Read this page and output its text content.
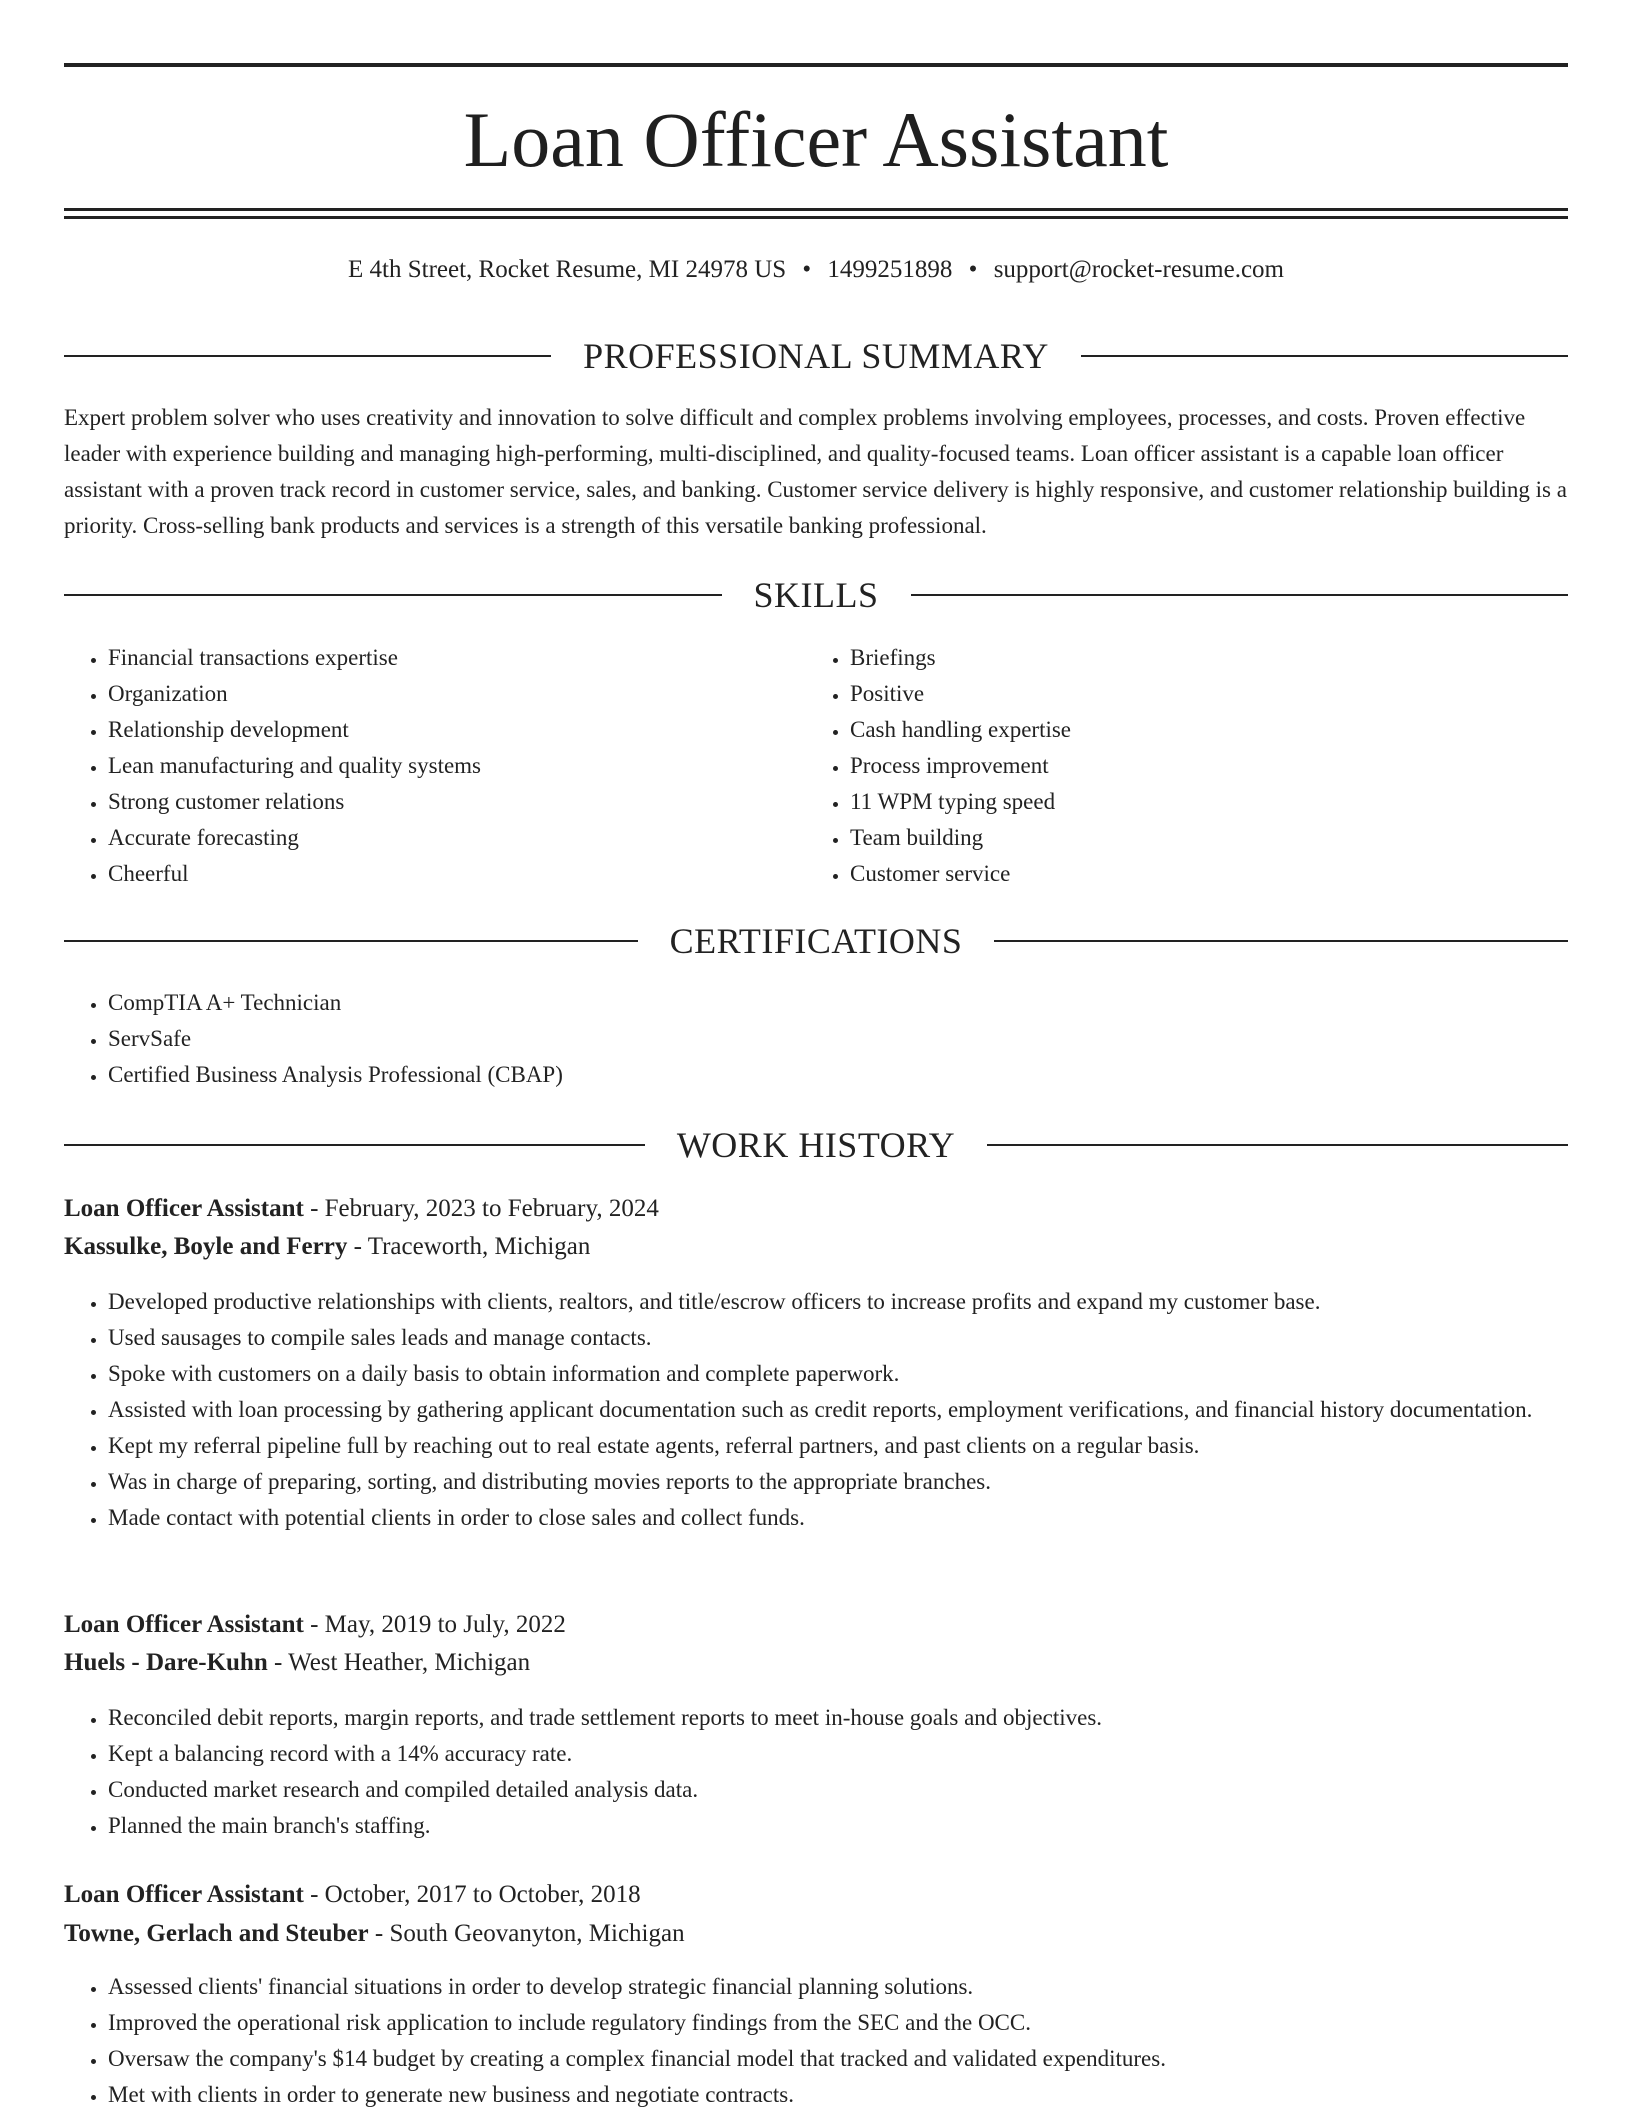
Loan Officer Assistant
E 4th Street, Rocket Resume, MI 24978 US • 1499251898 • support@rocket-resume.com
PROFESSIONAL SUMMARY

Expert problem solver who uses creativity and innovation to solve difficult and complex problems involving employees, processes, and costs. Proven effective leader with experience building and managing high-performing, multi-disciplined, and quality-focused teams. Loan officer assistant is a capable loan officer assistant with a proven track record in customer service, sales, and banking. Customer service delivery is highly responsive, and customer relationship building is a priority. Cross-selling bank products and services is a strength of this versatile banking professional.

SKILLS
• Financial transactions expertise
• Organization
• Relationship development
• Lean manufacturing and quality systems
• Strong customer relations
• Accurate forecasting
• Cheerful
• Briefings
• Positive
• Cash handling expertise
• Process improvement
• 11 WPM typing speed
• Team building
• Customer service
CERTIFICATIONS
• CompTIA A+ Technician
• ServSafe
• Certified Business Analysis Professional (CBAP)
WORK HISTORY
Loan Officer Assistant - February, 2023 to February, 2024
Kassulke, Boyle and Ferry - Traceworth, Michigan
• Developed productive relationships with clients, realtors, and title/escrow officers to increase profits and expand my customer base.
• Used sausages to compile sales leads and manage contacts.
• Spoke with customers on a daily basis to obtain information and complete paperwork.
• Assisted with loan processing by gathering applicant documentation such as credit reports, employment verifications, and financial history documentation.
• Kept my referral pipeline full by reaching out to real estate agents, referral partners, and past clients on a regular basis.
• Was in charge of preparing, sorting, and distributing movies reports to the appropriate branches.
• Made contact with potential clients in order to close sales and collect funds.
Loan Officer Assistant - May, 2019 to July, 2022
Huels - Dare-Kuhn - West Heather, Michigan
• Reconciled debit reports, margin reports, and trade settlement reports to meet in-house goals and objectives.
• Kept a balancing record with a 14% accuracy rate.
• Conducted market research and compiled detailed analysis data.
• Planned the main branch's staffing.
Loan Officer Assistant - October, 2017 to October, 2018
Towne, Gerlach and Steuber - South Geovanyton, Michigan
• Assessed clients' financial situations in order to develop strategic financial planning solutions.
• Improved the operational risk application to include regulatory findings from the SEC and the OCC.
• Oversaw the company's $14 budget by creating a complex financial model that tracked and validated expenditures.
• Met with clients in order to generate new business and negotiate contracts.
